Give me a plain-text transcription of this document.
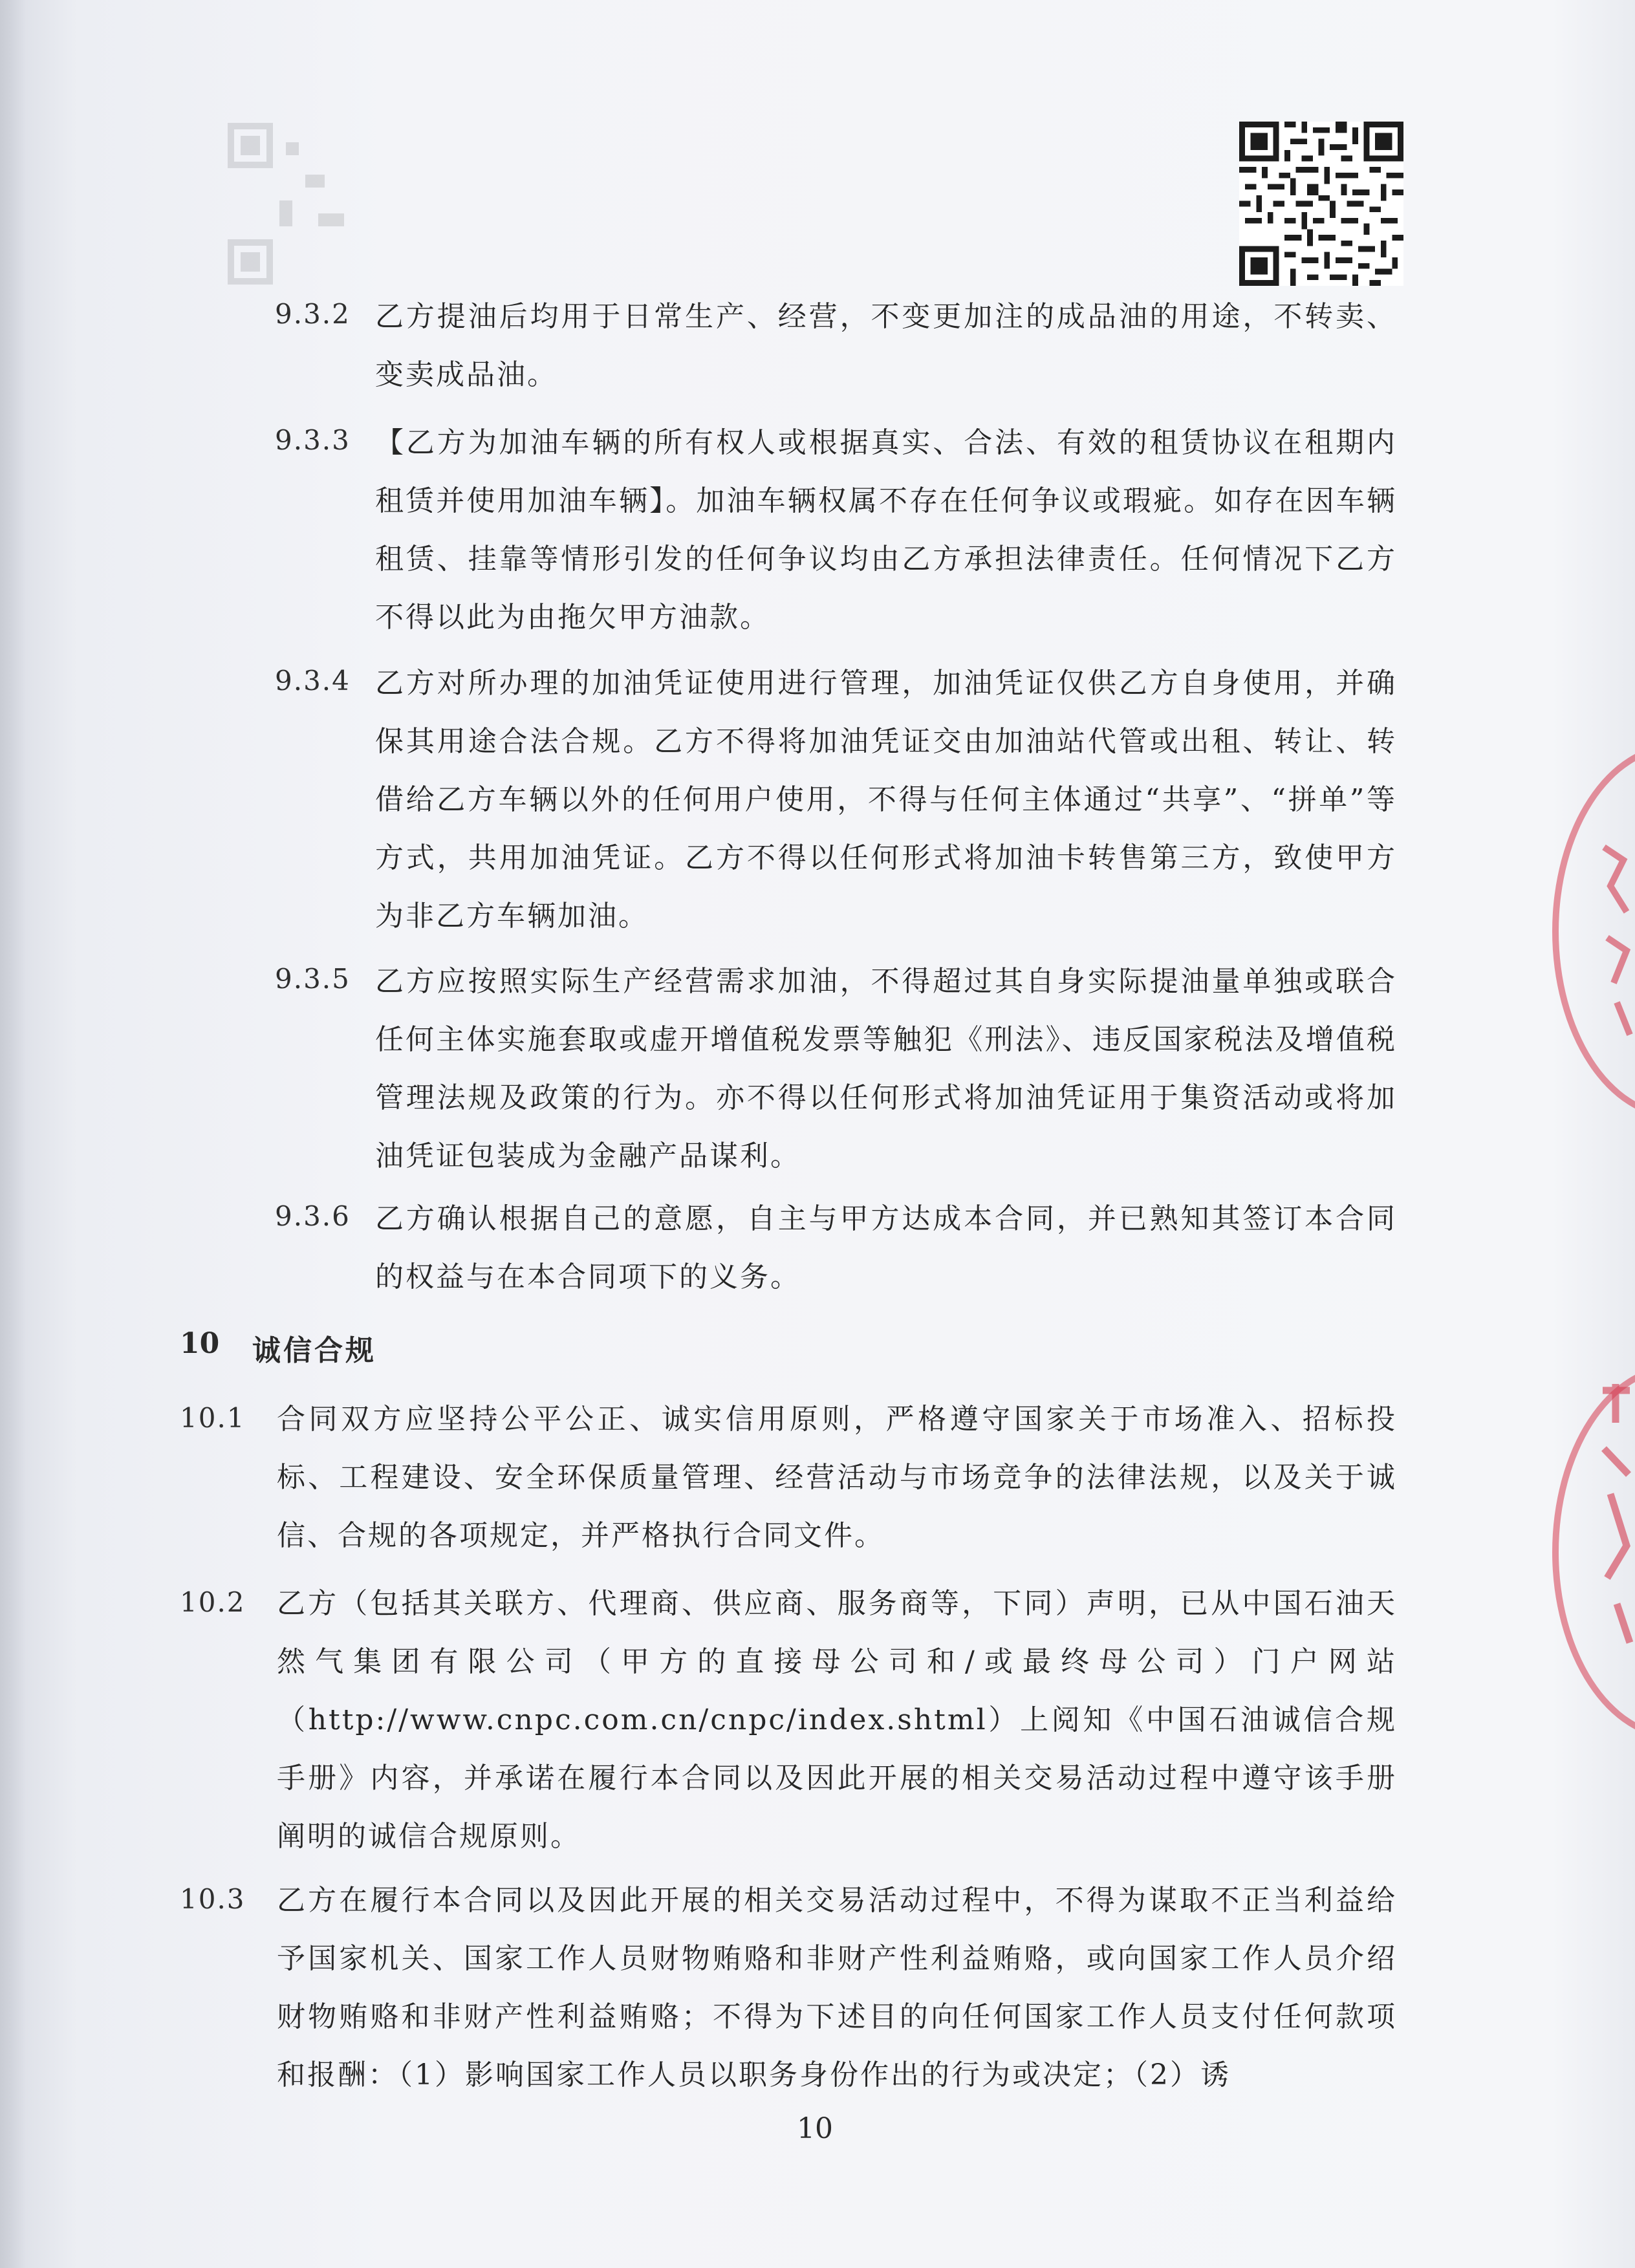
9.3.2 乙方提油后均用于日常生产、经营，不变更加注的成品油的用途，不转卖、变卖成品油。
9.3.3 【乙方为加油车辆的所有权人或根据真实、合法、有效的租赁协议在租期内租赁并使用加油车辆】。加油车辆权属不存在任何争议或瑕疵。如存在因车辆租赁、挂靠等情形引发的任何争议均由乙方承担法律责任。任何情况下乙方不得以此为由拖欠甲方油款。
9.3.4 乙方对所办理的加油凭证使用进行管理，加油凭证仅供乙方自身使用，并确保其用途合法合规。乙方不得将加油凭证交由加油站代管或出租、转让、转借给乙方车辆以外的任何用户使用，不得与任何主体通过“共享”、“拼单”等方式，共用加油凭证。乙方不得以任何形式将加油卡转售第三方，致使甲方为非乙方车辆加油。
9.3.5 乙方应按照实际生产经营需求加油，不得超过其自身实际提油量单独或联合任何主体实施套取或虚开增值税发票等触犯《刑法》、违反国家税法及增值税管理法规及政策的行为。亦不得以任何形式将加油凭证用于集资活动或将加油凭证包装成为金融产品谋利。
9.3.6 乙方确认根据自己的意愿，自主与甲方达成本合同，并已熟知其签订本合同的权益与在本合同项下的义务。
10 诚信合规
10.1 合同双方应坚持公平公正、诚实信用原则，严格遵守国家关于市场准入、招标投标、工程建设、安全环保质量管理、经营活动与市场竞争的法律法规，以及关于诚信、合规的各项规定，并严格执行合同文件。
10.2 乙方（包括其关联方、代理商、供应商、服务商等，下同）声明，已从中国石油天然气集团有限公司（甲方的直接母公司和/或最终母公司）门户网站（http://www.cnpc.com.cn/cnpc/index.shtml）上阅知《中国石油诚信合规手册》内容，并承诺在履行本合同以及因此开展的相关交易活动过程中遵守该手册阐明的诚信合规原则。
10.3 乙方在履行本合同以及因此开展的相关交易活动过程中，不得为谋取不正当利益给予国家机关、国家工作人员财物贿赂和非财产性利益贿赂，或向国家工作人员介绍财物贿赂和非财产性利益贿赂；不得为下述目的向任何国家工作人员支付任何款项和报酬：（1）影响国家工作人员以职务身份作出的行为或决定；（2）诱
10
